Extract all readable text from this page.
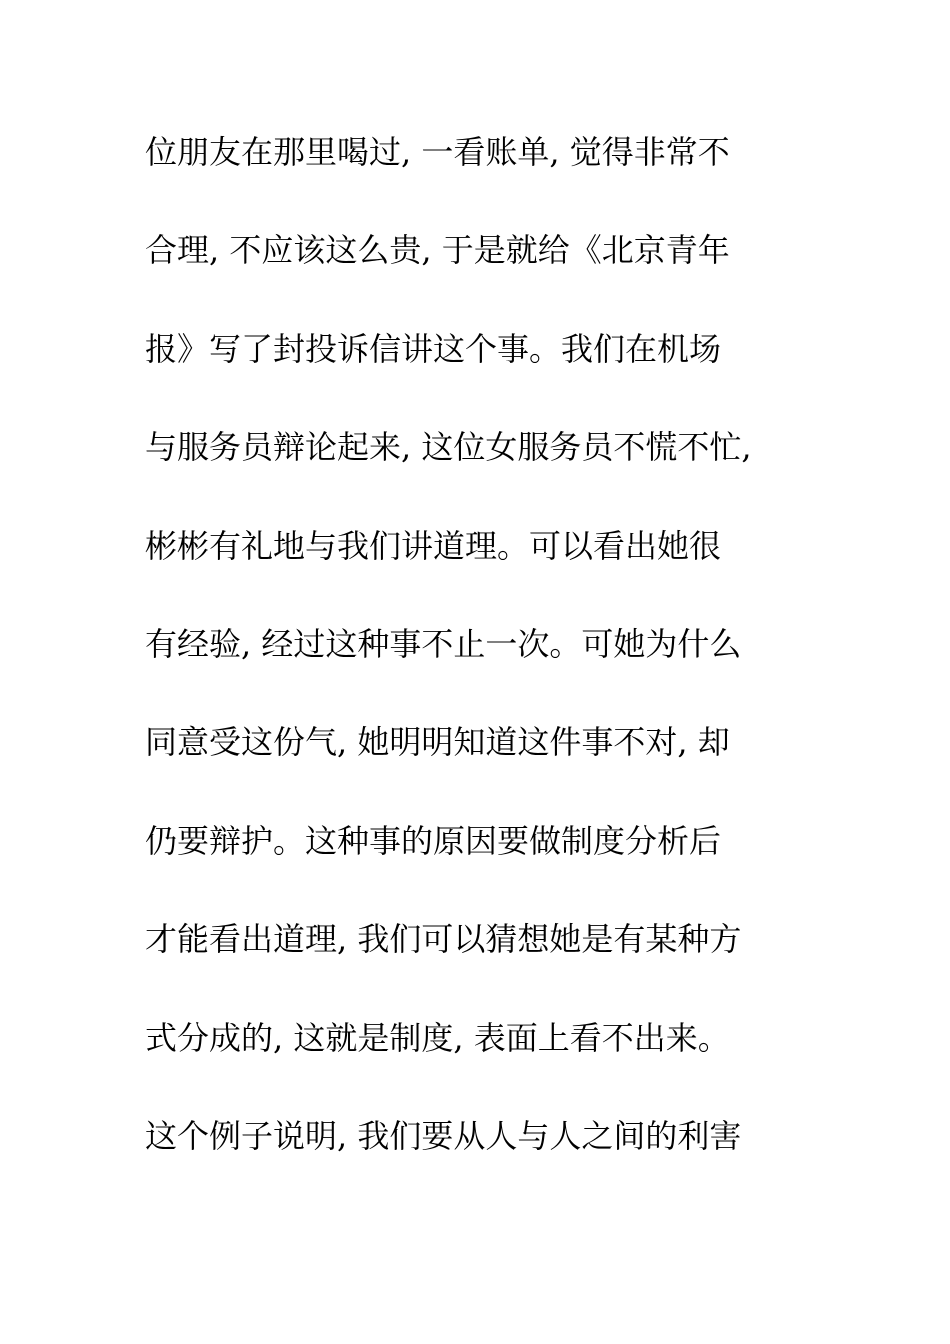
位朋友在那里喝过, 一看账单, 觉得非常不
合理, 不应该这么贵, 于是就给《北京青年
报》写了封投诉信讲这个事。我们在机场
与服务员辩论起来, 这位女服务员不慌不忙,
彬彬有礼地与我们讲道理。可以看出她很
有经验, 经过这种事不止一次。可她为什么
同意受这份气, 她明明知道这件事不对, 却
仍要辩护。这种事的原因要做制度分析后
才能看出道理, 我们可以猜想她是有某种方
式分成的, 这就是制度, 表面上看不出来。
这个例子说明, 我们要从人与人之间的利害
